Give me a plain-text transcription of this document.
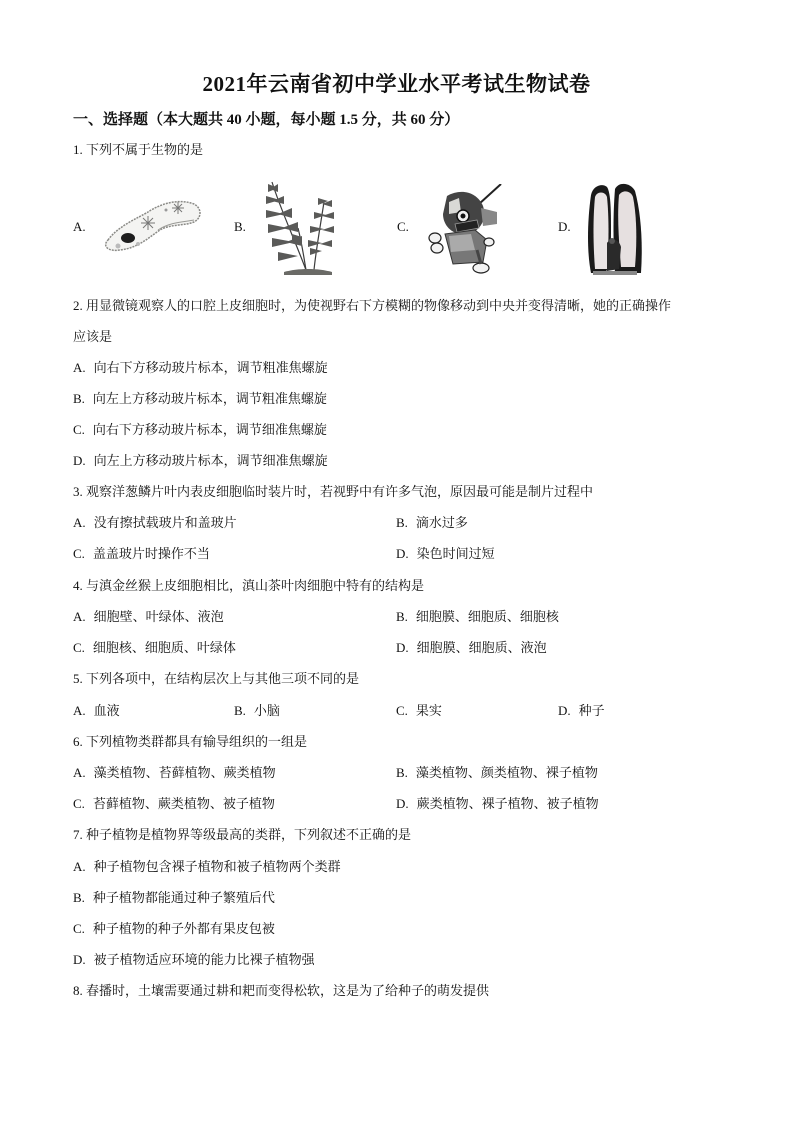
2021年云南省初中学业水平考试生物试卷
一、选择题（本大题共 40 小题，每小题 1.5 分，共 60 分）
1. 下列不属于生物的是
A.	B.	C.	D.
2. 用显微镜观察人的口腔上皮细胞时，为使视野右下方模糊的物像移动到中央并变得清晰，她的正确操作
应该是
A. 向右下方移动玻片标本，调节粗准焦螺旋
B. 向左上方移动玻片标本，调节粗准焦螺旋
C. 向右下方移动玻片标本，调节细准焦螺旋
D. 向左上方移动玻片标本，调节细准焦螺旋
3. 观察洋葱鳞片叶内表皮细胞临时装片时，若视野中有许多气泡，原因最可能是制片过程中
A. 没有擦拭载玻片和盖玻片	B. 滴水过多
C. 盖盖玻片时操作不当	D. 染色时间过短
4. 与滇金丝猴上皮细胞相比，滇山茶叶肉细胞中特有的结构是
A. 细胞壁、叶绿体、液泡	B. 细胞膜、细胞质、细胞核
C. 细胞核、细胞质、叶绿体	D. 细胞膜、细胞质、液泡
5. 下列各项中，在结构层次上与其他三项不同的是
A. 血液	B. 小脑	C. 果实	D. 种子
6. 下列植物类群都具有输导组织的一组是
A. 藻类植物、苔藓植物、蕨类植物	B. 藻类植物、颜类植物、裸子植物
C. 苔藓植物、蕨类植物、被子植物	D. 蕨类植物、裸子植物、被子植物
7. 种子植物是植物界等级最高的类群，下列叙述不正确的是
A. 种子植物包含裸子植物和被子植物两个类群
B. 种子植物都能通过种子繁殖后代
C. 种子植物的种子外都有果皮包被
D. 被子植物适应环境的能力比裸子植物强
8. 春播时，土壤需要通过耕和耙而变得松软，这是为了给种子的萌发提供
